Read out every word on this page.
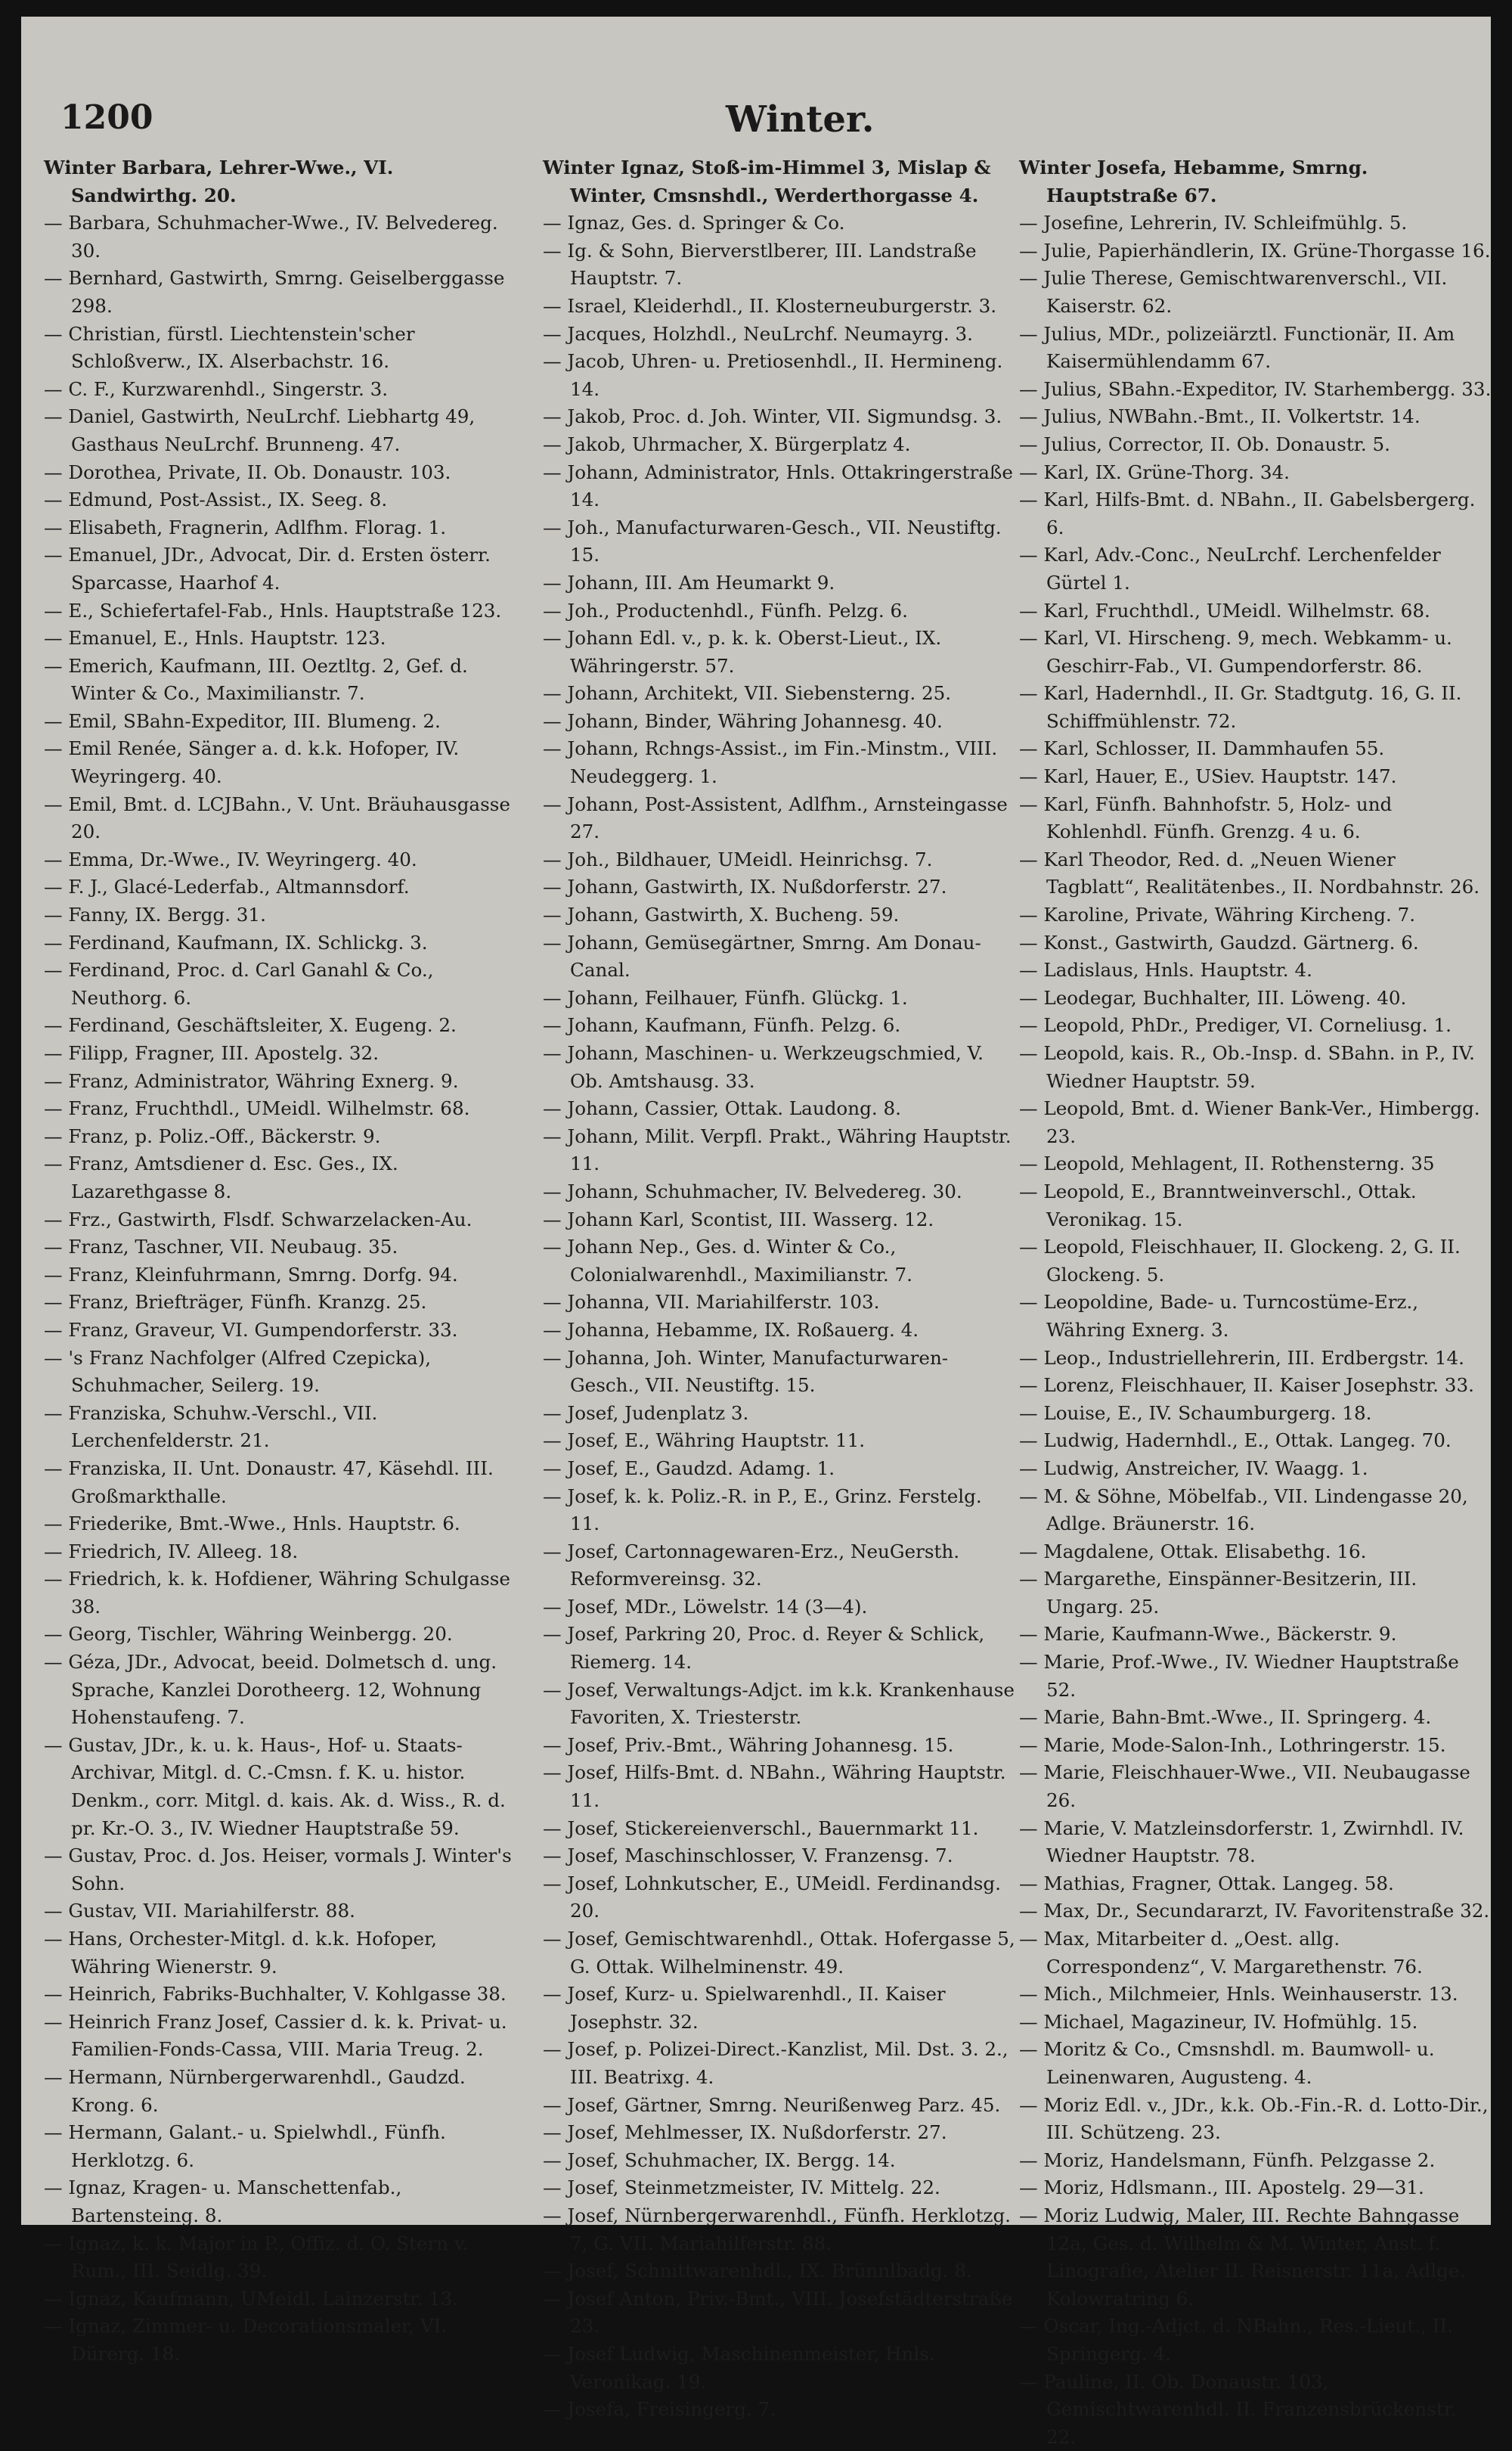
1200	Winter.

Winter Barbara, Lehrer-Wwe., VI. Sandwirthg. 20.

— Barbara, Schuhmacher-Wwe., IV. Belvedereg. 30.

— Bernhard, Gastwirth, Smrng. Geiselberggasse 298.

— Christian, fürstl. Liechtenstein'scher Schloßverw., IX. Alserbachstr. 16.

— C. F., Kurzwarenhdl., Singerstr. 3.

— Daniel, Gastwirth, NeuLrchf. Liebhartg 49, Gasthaus NeuLrchf. Brunneng. 47.

— Dorothea, Private, II. Ob. Donaustr. 103.

— Edmund, Post-Assist., IX. Seeg. 8.

— Elisabeth, Fragnerin, Adlfhm. Florag. 1.

— Emanuel, JDr., Advocat, Dir. d. Ersten österr. Sparcasse, Haarhof 4.

— E., Schiefertafel-Fab., Hnls. Hauptstraße 123.

— Emanuel, E., Hnls. Hauptstr. 123.

— Emerich, Kaufmann, III. Oeztltg. 2, Gef. d. Winter & Co., Maximilianstr. 7.

— Emil, SBahn-Expeditor, III. Blumeng. 2.

— Emil Renée, Sänger a. d. k.k. Hofoper, IV. Weyringerg. 40.

— Emil, Bmt. d. LCJBahn., V. Unt. Bräuhausgasse 20.

— Emma, Dr.-Wwe., IV. Weyringerg. 40.

— F. J., Glacé-Lederfab., Altmannsdorf.

— Fanny, IX. Bergg. 31.

— Ferdinand, Kaufmann, IX. Schlickg. 3.

— Ferdinand, Proc. d. Carl Ganahl & Co., Neuthorg. 6.

— Ferdinand, Geschäftsleiter, X. Eugeng. 2.

— Filipp, Fragner, III. Apostelg. 32.

— Franz, Administrator, Währing Exnerg. 9.

— Franz, Fruchthdl., UMeidl. Wilhelmstr. 68.

— Franz, p. Poliz.-Off., Bäckerstr. 9.

— Franz, Amtsdiener d. Esc. Ges., IX. Lazarethgasse 8.

— Frz., Gastwirth, Flsdf. Schwarzelacken-Au.

— Franz, Taschner, VII. Neubaug. 35.

— Franz, Kleinfuhrmann, Smrng. Dorfg. 94.

— Franz, Briefträger, Fünfh. Kranzg. 25.

— Franz, Graveur, VI. Gumpendorferstr. 33.

— 's Franz Nachfolger (Alfred Czepicka), Schuhmacher, Seilerg. 19.

— Franziska, Schuhw.-Verschl., VII. Lerchenfelderstr. 21.

— Franziska, II. Unt. Donaustr. 47, Käsehdl. III. Großmarkthalle.

— Friederike, Bmt.-Wwe., Hnls. Hauptstr. 6.

— Friedrich, IV. Alleeg. 18.

— Friedrich, k. k. Hofdiener, Währing Schulgasse 38.

— Georg, Tischler, Währing Weinbergg. 20.

— Géza, JDr., Advocat, beeid. Dolmetsch d. ung. Sprache, Kanzlei Dorotheerg. 12, Wohnung Hohenstaufeng. 7.

— Gustav, JDr., k. u. k. Haus-, Hof- u. Staats-Archivar, Mitgl. d. C.-Cmsn. f. K. u. histor. Denkm., corr. Mitgl. d. kais. Ak. d. Wiss., R. d. pr. Kr.-O. 3., IV. Wiedner Hauptstraße 59.

— Gustav, Proc. d. Jos. Heiser, vormals J. Winter's Sohn.

— Gustav, VII. Mariahilferstr. 88.

— Hans, Orchester-Mitgl. d. k.k. Hofoper, Währing Wienerstr. 9.

— Heinrich, Fabriks-Buchhalter, V. Kohlgasse 38.

— Heinrich Franz Josef, Cassier d. k. k. Privat- u. Familien-Fonds-Cassa, VIII. Maria Treug. 2.

— Hermann, Nürnbergerwarenhdl., Gaudzd. Krong. 6.

— Hermann, Galant.- u. Spielwhdl., Fünfh. Herklotzg. 6.

— Ignaz, Kragen- u. Manschettenfab., Bartensteing. 8.

— Ignaz, k. k. Major in P., Offiz. d. O. Stern v. Rum., III. Seidlg. 39.

— Ignaz, Kaufmann, UMeidl. Lainzerstr. 13.

— Ignaz, Zimmer- u. Decorationsmaler, VI. Dürerg. 18.

Winter Ignaz, Stoß-im-Himmel 3, Mislap & Winter, Cmsnshdl., Werderthorgasse 4.

— Ignaz, Ges. d. Springer & Co.

— Ig. & Sohn, Bierverstlberer, III. Landstraße Hauptstr. 7.

— Israel, Kleiderhdl., II. Klosterneuburgerstr. 3.

— Jacques, Holzhdl., NeuLrchf. Neumayrg. 3.

— Jacob, Uhren- u. Pretiosenhdl., II. Hermineng. 14.

— Jakob, Proc. d. Joh. Winter, VII. Sigmundsg. 3.

— Jakob, Uhrmacher, X. Bürgerplatz 4.

— Johann, Administrator, Hnls. Ottakringerstraße 14.

— Joh., Manufacturwaren-Gesch., VII. Neustiftg. 15.

— Johann, III. Am Heumarkt 9.

— Joh., Productenhdl., Fünfh. Pelzg. 6.

— Johann Edl. v., p. k. k. Oberst-Lieut., IX. Währingerstr. 57.

— Johann, Architekt, VII. Siebensterng. 25.

— Johann, Binder, Währing Johannesg. 40.

— Johann, Rchngs-Assist., im Fin.-Minstm., VIII. Neudeggerg. 1.

— Johann, Post-Assistent, Adlfhm., Arnsteingasse 27.

— Joh., Bildhauer, UMeidl. Heinrichsg. 7.

— Johann, Gastwirth, IX. Nußdorferstr. 27.

— Johann, Gastwirth, X. Bucheng. 59.

— Johann, Gemüsegärtner, Smrng. Am Donau-Canal.

— Johann, Feilhauer, Fünfh. Glückg. 1.

— Johann, Kaufmann, Fünfh. Pelzg. 6.

— Johann, Maschinen- u. Werkzeugschmied, V. Ob. Amtshausg. 33.

— Johann, Cassier, Ottak. Laudong. 8.

— Johann, Milit. Verpfl. Prakt., Währing Hauptstr. 11.

— Johann, Schuhmacher, IV. Belvedereg. 30.

— Johann Karl, Scontist, III. Wasserg. 12.

— Johann Nep., Ges. d. Winter & Co., Colonialwarenhdl., Maximilianstr. 7.

— Johanna, VII. Mariahilferstr. 103.

— Johanna, Hebamme, IX. Roßauerg. 4.

— Johanna, Joh. Winter, Manufacturwaren-Gesch., VII. Neustiftg. 15.

— Josef, Judenplatz 3.

— Josef, E., Währing Hauptstr. 11.

— Josef, E., Gaudzd. Adamg. 1.

— Josef, k. k. Poliz.-R. in P., E., Grinz. Ferstelg. 11.

— Josef, Cartonnagewaren-Erz., NeuGersth. Reformvereinsg. 32.

— Josef, MDr., Löwelstr. 14 (3—4).

— Josef, Parkring 20, Proc. d. Reyer & Schlick, Riemerg. 14.

— Josef, Verwaltungs-Adjct. im k.k. Krankenhause Favoriten, X. Triesterstr.

— Josef, Priv.-Bmt., Währing Johannesg. 15.

— Josef, Hilfs-Bmt. d. NBahn., Währing Hauptstr. 11.

— Josef, Stickereienverschl., Bauernmarkt 11.

— Josef, Maschinschlosser, V. Franzensg. 7.

— Josef, Lohnkutscher, E., UMeidl. Ferdinandsg. 20.

— Josef, Gemischtwarenhdl., Ottak. Hofergasse 5, G. Ottak. Wilhelminenstr. 49.

— Josef, Kurz- u. Spielwarenhdl., II. Kaiser Josephstr. 32.

— Josef, p. Polizei-Direct.-Kanzlist, Mil. Dst. 3. 2., III. Beatrixg. 4.

— Josef, Gärtner, Smrng. Neurißenweg Parz. 45.

— Josef, Mehlmesser, IX. Nußdorferstr. 27.

— Josef, Schuhmacher, IX. Bergg. 14.

— Josef, Steinmetzmeister, IV. Mittelg. 22.

— Josef, Nürnbergerwarenhdl., Fünfh. Herklotzg. 7, G. VII. Mariahilferstr. 88.

— Josef, Schnittwarenhdl., IX. Brünnlbadg. 8.

— Josef Anton, Priv.-Bmt., VIII. Josefstädterstraße 23.

— Josef Ludwig, Maschinenmeister, Hnls. Veronikag. 19.

— Josefa, Freisingerg. 7.

Winter Josefa, Hebamme, Smrng. Hauptstraße 67.

— Josefine, Lehrerin, IV. Schleifmühlg. 5.

— Julie, Papierhändlerin, IX. Grüne-Thorgasse 16.

— Julie Therese, Gemischtwarenverschl., VII. Kaiserstr. 62.

— Julius, MDr., polizeiärztl. Functionär, II. Am Kaisermühlendamm 67.

— Julius, SBahn.-Expeditor, IV. Starhembergg. 33.

— Julius, NWBahn.-Bmt., II. Volkertstr. 14.

— Julius, Corrector, II. Ob. Donaustr. 5.

— Karl, IX. Grüne-Thorg. 34.

— Karl, Hilfs-Bmt. d. NBahn., II. Gabelsbergerg. 6.

— Karl, Adv.-Conc., NeuLrchf. Lerchenfelder Gürtel 1.

— Karl, Fruchthdl., UMeidl. Wilhelmstr. 68.

— Karl, VI. Hirscheng. 9, mech. Webkamm- u. Geschirr-Fab., VI. Gumpendorferstr. 86.

— Karl, Hadernhdl., II. Gr. Stadtgutg. 16, G. II. Schiffmühlenstr. 72.

— Karl, Schlosser, II. Dammhaufen 55.

— Karl, Hauer, E., USiev. Hauptstr. 147.

— Karl, Fünfh. Bahnhofstr. 5, Holz- und Kohlenhdl. Fünfh. Grenzg. 4 u. 6.

— Karl Theodor, Red. d. „Neuen Wiener Tagblatt“, Realitätenbes., II. Nordbahnstr. 26.

— Karoline, Private, Währing Kircheng. 7.

— Konst., Gastwirth, Gaudzd. Gärtnerg. 6.

— Ladislaus, Hnls. Hauptstr. 4.

— Leodegar, Buchhalter, III. Löweng. 40.

— Leopold, PhDr., Prediger, VI. Corneliusg. 1.

— Leopold, kais. R., Ob.-Insp. d. SBahn. in P., IV. Wiedner Hauptstr. 59.

— Leopold, Bmt. d. Wiener Bank-Ver., Himbergg. 23.

— Leopold, Mehlagent, II. Rothensterng. 35

— Leopold, E., Branntweinverschl., Ottak. Veronikag. 15.

— Leopold, Fleischhauer, II. Glockeng. 2, G. II. Glockeng. 5.

— Leopoldine, Bade- u. Turncostüme-Erz., Währing Exnerg. 3.

— Leop., Industriellehrerin, III. Erdbergstr. 14.

— Lorenz, Fleischhauer, II. Kaiser Josephstr. 33.

— Louise, E., IV. Schaumburgerg. 18.

— Ludwig, Hadernhdl., E., Ottak. Langeg. 70.

— Ludwig, Anstreicher, IV. Waagg. 1.

— M. & Söhne, Möbelfab., VII. Lindengasse 20, Adlge. Bräunerstr. 16.

— Magdalene, Ottak. Elisabethg. 16.

— Margarethe, Einspänner-Besitzerin, III. Ungarg. 25.

— Marie, Kaufmann-Wwe., Bäckerstr. 9.

— Marie, Prof.-Wwe., IV. Wiedner Hauptstraße 52.

— Marie, Bahn-Bmt.-Wwe., II. Springerg. 4.

— Marie, Mode-Salon-Inh., Lothringerstr. 15.

— Marie, Fleischhauer-Wwe., VII. Neubaugasse 26.

— Marie, V. Matzleinsdorferstr. 1, Zwirnhdl. IV. Wiedner Hauptstr. 78.

— Mathias, Fragner, Ottak. Langeg. 58.

— Max, Dr., Secundararzt, IV. Favoritenstraße 32.

— Max, Mitarbeiter d. „Oest. allg. Correspondenz“, V. Margarethenstr. 76.

— Mich., Milchmeier, Hnls. Weinhauserstr. 13.

— Michael, Magazineur, IV. Hofmühlg. 15.

— Moritz & Co., Cmsnshdl. m. Baumwoll- u. Leinenwaren, Augusteng. 4.

— Moriz Edl. v., JDr., k.k. Ob.-Fin.-R. d. Lotto-Dir., III. Schützeng. 23.

— Moriz, Handelsmann, Fünfh. Pelzgasse 2.

— Moriz, Hdlsmann., III. Apostelg. 29—31.

— Moriz Ludwig, Maler, III. Rechte Bahngasse 12a, Ges. d. Wilhelm & M. Winter, Anst. f. Linografie, Atelier II. Reisnerstr. 11a, Adlge. Kolowratring 6.

— Oscar, Ing.-Adjct. d. NBahn., Res.-Lieut., II. Springerg. 4.

— Pauline, II. Ob. Donaustr. 103, Gemischtwarenhdl. II. Franzensbrückenstr. 22.
